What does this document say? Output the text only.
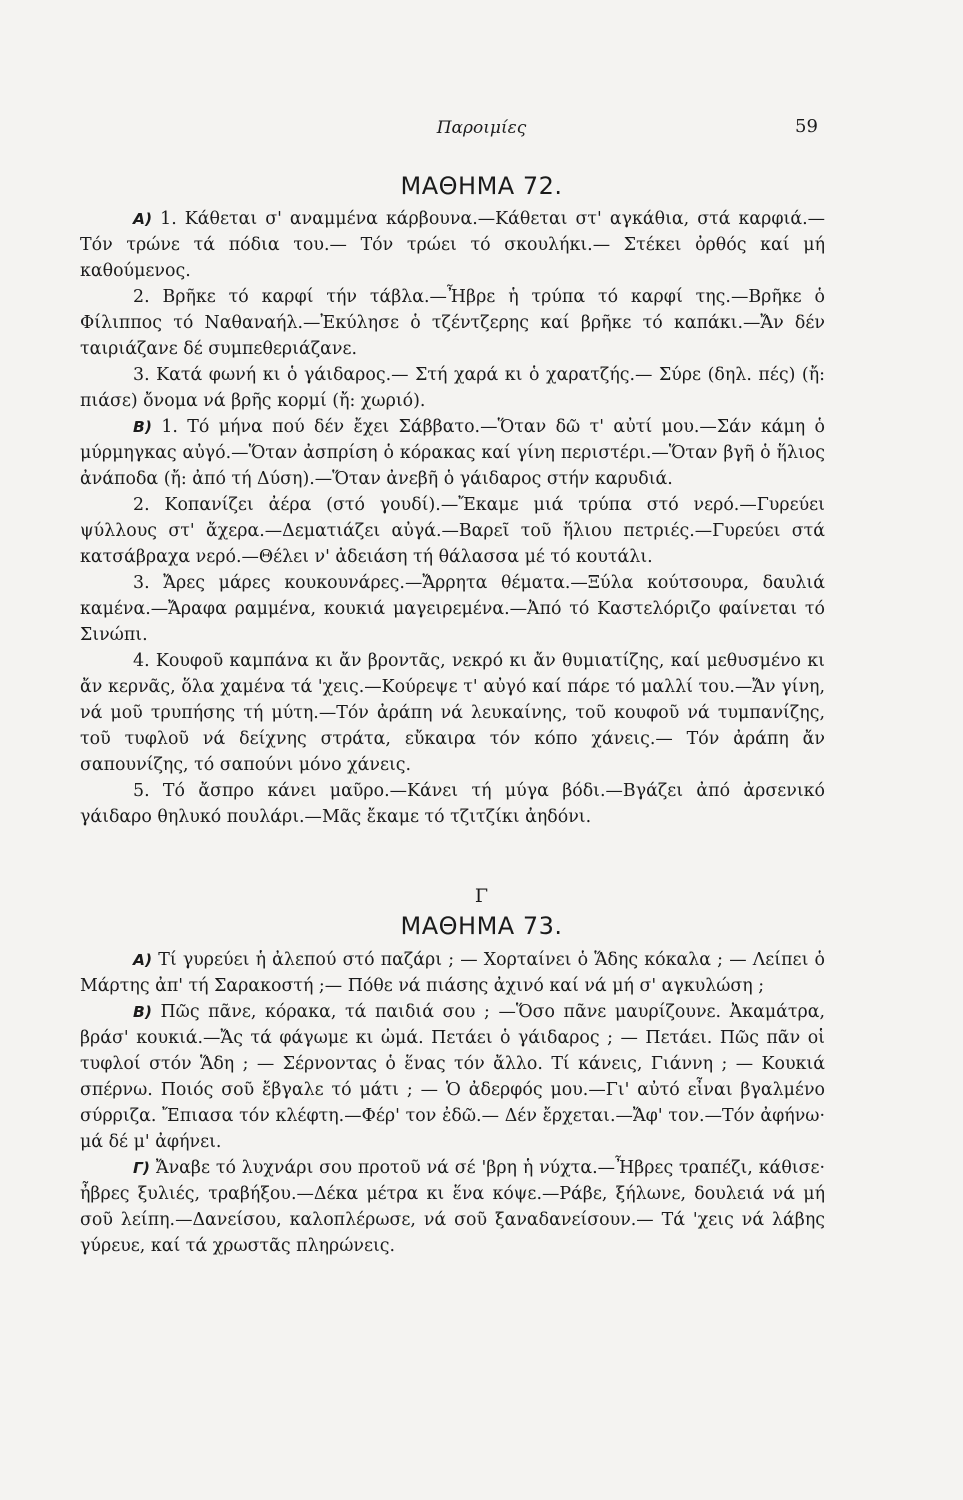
Παροιμίες	59
ΜΑΘΗΜΑ 72.

Α) 1. Κάθεται σ' αναμμένα κάρβουνα.—Κάθεται στ' αγκάθια, στά καρφιά.— Τόν τρώνε τά πόδια του.— Τόν τρώει τό σκουλήκι.— Στέκει ὀρθός καί μή καθούμενος.

2. Βρῆκε τό καρφί τήν τάβλα.—Ἦβρε ἡ τρύπα τό καρφί της.—Βρῆκε ὁ Φίλιππος τό Ναθαναήλ.—Ἐκύλησε ὁ τζέντζερης καί βρῆκε τό καπάκι.—Ἄν δέν ταιριάζανε δέ συμπεθεριάζανε.

3. Κατά φωνή κι ὁ γάιδαρος.— Στή χαρά κι ὁ χαρατζής.— Σύρε (δηλ. πές) (ἤ: πιάσε) ὄνομα νά βρῆς κορμί (ἤ: χωριό).

Β) 1. Τό μήνα πού δέν ἔχει Σάββατο.—Ὅταν δῶ τ' αὐτί μου.—Σάν κάμη ὁ μύρμηγκας αὐγό.—Ὅταν ἀσπρίση ὁ κόρακας καί γίνη περιστέρι.—Ὅταν βγῆ ὁ ἥλιος ἀνάποδα (ἤ: ἀπό τή Δύση).—Ὅταν ἀνεβῆ ὁ γάιδαρος στήν καρυδιά.

2. Κοπανίζει ἀέρα (στό γουδί).—Ἔκαμε μιά τρύπα στό νερό.—Γυρεύει ψύλλους στ' ἄχερα.—Δεματιάζει αὐγά.—Βαρεῖ τοῦ ἥλιου πετριές.—Γυρεύει στά κατσάβραχα νερό.—Θέλει ν' ἀδειάση τή θάλασσα μέ τό κουτάλι.

3. Ἄρες μάρες κουκουνάρες.—Ἄρρητα θέματα.—Ξύλα κούτσουρα, δαυλιά καμένα.—Ἄραφα ραμμένα, κουκιά μαγειρεμένα.—Ἀπό τό Καστελόριζο φαίνεται τό Σινώπι.

4. Κουφοῦ καμπάνα κι ἄν βροντᾶς, νεκρό κι ἄν θυμιατίζης, καί μεθυσμένο κι ἄν κερνᾶς, ὅλα χαμένα τά 'χεις.—Κούρεψε τ' αὐγό καί πάρε τό μαλλί του.—Ἄν γίνη, νά μοῦ τρυπήσης τή μύτη.—Τόν ἀράπη νά λευκαίνης, τοῦ κουφοῦ νά τυμπανίζης, τοῦ τυφλοῦ νά δείχνης στράτα, εὔκαιρα τόν κόπο χάνεις.— Τόν ἀράπη ἄν σαπουνίζης, τό σαπούνι μόνο χάνεις.

5. Τό ἄσπρο κάνει μαῦρο.—Κάνει τή μύγα βόδι.—Βγάζει ἀπό ἀρσενικό γάιδαρο θηλυκό πουλάρι.—Μᾶς ἔκαμε τό τζιτζίκι ἀηδόνι.

Γ
ΜΑΘΗΜΑ 73.

Α) Τί γυρεύει ἡ ἀλεπού στό παζάρι ; — Χορταίνει ὁ Ἅδης κόκαλα ; — Λείπει ὁ Μάρτης ἀπ' τή Σαρακοστή ;— Πόθε νά πιάσης ἀχινό καί νά μή σ' αγκυλώση ;

Β) Πῶς πᾶνε, κόρακα, τά παιδιά σου ; —Ὅσο πᾶνε μαυρίζουνε. Ἀκαμάτρα, βράσ' κουκιά.—Ἄς τά φάγωμε κι ὠμά. Πετάει ὁ γάιδαρος ; — Πετάει. Πῶς πᾶν οἱ τυφλοί στόν Ἅδη ; — Σέρνοντας ὁ ἕνας τόν ἄλλο. Τί κάνεις, Γιάννη ; — Κουκιά σπέρνω. Ποιός σοῦ ἔβγαλε τό μάτι ; — Ὁ ἀδερφός μου.—Γι' αὐτό εἶναι βγαλμένο σύρριζα. Ἔπιασα τόν κλέφτη.—Φέρ' τον ἐδῶ.— Δέν ἔρχεται.—Ἄφ' τον.—Τόν ἀφήνω· μά δέ μ' ἀφήνει.

Γ) Ἄναβε τό λυχνάρι σου προτοῦ νά σέ 'βρη ἡ νύχτα.—Ἦβρες τραπέζι, κάθισε· ἦβρες ξυλιές, τραβήξου.—Δέκα μέτρα κι ἕνα κόψε.—Ράβε, ξήλωνε, δουλειά νά μή σοῦ λείπη.—Δανείσου, καλοπλέρωσε, νά σοῦ ξαναδανείσουν.— Τά 'χεις νά λάβης γύρευε, καί τά χρωστᾶς πληρώνεις.
